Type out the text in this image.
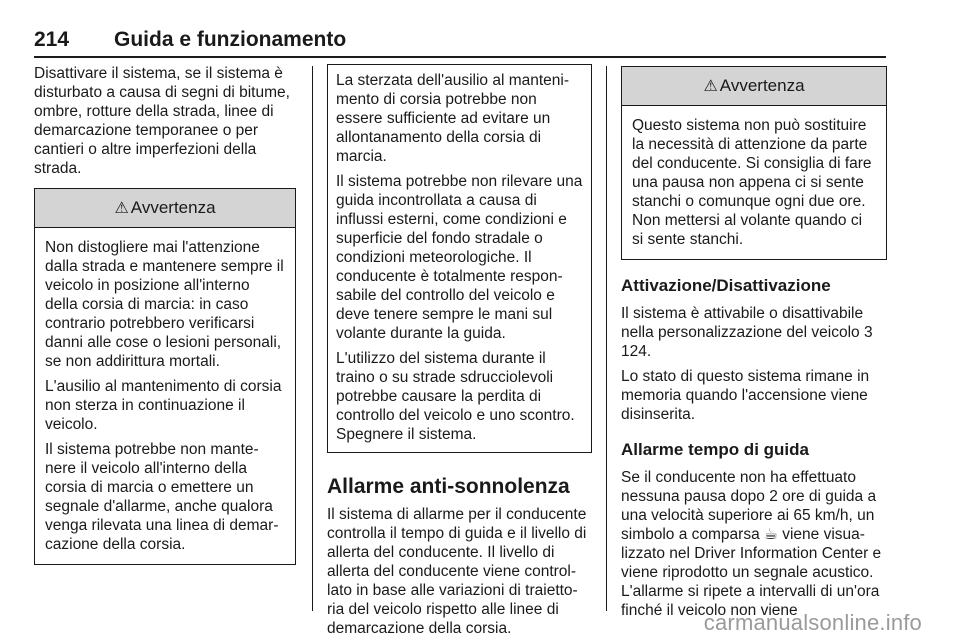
214 Guida e funzionamento

Disattivare il sistema, se il sistema è disturbato a causa di segni di bitume, ombre, rotture della strada, linee di demarcazione temporanee o per cantieri o altre imperfezioni della strada.

⚠ Avvertenza

Non distogliere mai l'attenzione dalla strada e mantenere sempre il veicolo in posizione all'interno della corsia di marcia: in caso contrario potrebbero verificarsi danni alle cose o lesioni personali, se non addirittura mortali.

L'ausilio al mantenimento di corsia non sterza in continuazione il veicolo.

Il sistema potrebbe non mante- nere il veicolo all'interno della corsia di marcia o emettere un segnale d'allarme, anche qualora venga rilevata una linea di demar- cazione della corsia.

La sterzata dell'ausilio al manteni- mento di corsia potrebbe non essere sufficiente ad evitare un allontanamento della corsia di marcia.

Il sistema potrebbe non rilevare una guida incontrollata a causa di influssi esterni, come condizioni e superficie del fondo stradale o condizioni meteorologiche. Il conducente è totalmente respon- sabile del controllo del veicolo e deve tenere sempre le mani sul volante durante la guida.

L'utilizzo del sistema durante il traino o su strade sdrucciolevoli potrebbe causare la perdita di controllo del veicolo e uno scontro. Spegnere il sistema.

Allarme anti-sonnolenza

Il sistema di allarme per il conducente controlla il tempo di guida e il livello di allerta del conducente. Il livello di allerta del conducente viene control- lato in base alle variazioni di traietto- ria del veicolo rispetto alle linee di demarcazione della corsia.

⚠ Avvertenza

Questo sistema non può sostituire la necessità di attenzione da parte del conducente. Si consiglia di fare una pausa non appena ci si sente stanchi o comunque ogni due ore. Non mettersi al volante quando ci si sente stanchi.

Attivazione/Disattivazione

Il sistema è attivabile o disattivabile nella personalizzazione del veicolo 3 124.

Lo stato di questo sistema rimane in memoria quando l'accensione viene disinserita.

Allarme tempo di guida

Se il conducente non ha effettuato nessuna pausa dopo 2 ore di guida a una velocità superiore ai 65 km/h, un simbolo a comparsa ☕ viene visua- lizzato nel Driver Information Center e viene riprodotto un segnale acustico. L'allarme si ripete a intervalli di un'ora finché il veicolo non viene

carmanualsonline.info
